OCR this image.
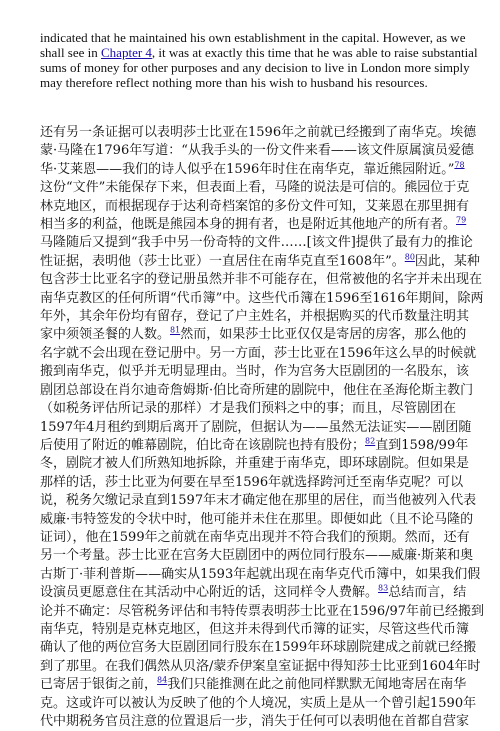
indicated that he maintained his own establishment in the capital. However, as we shall see in Chapter 4, it was at exactly this time that he was able to raise substantial sums of money for other purposes and any decision to live in London more simply may therefore reflect nothing more than his wish to husband his resources.

还有另一条证据可以表明莎士比亚在1596年之前就已经搬到了南华克。埃德
蒙·马隆在1796年写道：“从我手头的一份文件来看——该文件原属演员爱德
华·艾莱恩——我们的诗人似乎在1596年时住在南华克，靠近熊园附近。”$^{78}$
这份“文件”未能保存下来，但表面上看，马隆的说法是可信的。熊园位于克
林克地区，而根据现存于达利奇档案馆的多份文件可知，艾莱恩在那里拥有
相当多的利益，他既是熊园本身的拥有者，也是附近其他地产的所有者。$^{79}$
马隆随后又提到“我手中另一份奇特的文件……[该文件]提供了最有力的推论
性证据，表明他（莎士比亚）一直居住在南华克直至1608年”。$^{80}$因此，某种
包含莎士比亚名字的登记册虽然并非不可能存在，但常被他的名字并未出现在
南华克教区的任何所谓“代币簿”中。这些代币簿在1596至1616年期间，除两
年外，其余年份均有留存，登记了户主姓名，并根据购买的代币数量注明其
家中须领圣餐的人数。$^{81}$然而，如果莎士比亚仅仅是寄居的房客，那么他的
名字就不会出现在登记册中。另一方面，莎士比亚在1596年这么早的时候就
搬到南华克，似乎并无明显理由。当时，作为宫务大臣剧团的一名股东，该
剧团总部设在肖尔迪奇詹姆斯·伯比奇所建的剧院中，他住在圣海伦斯主教门
（如税务评估所记录的那样）才是我们预料之中的事；而且，尽管剧团在
1597年4月租约到期后离开了剧院，但据认为——虽然无法证实——剧团随
后使用了附近的帷幕剧院，伯比奇在该剧院也持有股份；$^{82}$直到1598/99年
冬，剧院才被人们所熟知地拆除，并重建于南华克，即环球剧院。但如果是
那样的话，莎士比亚为何要在早至1596年就选择跨河迁至南华克呢？可以
说，税务欠缴记录直到1597年末才确定他在那里的居住，而当他被列入代表
威廉·韦特签发的令状中时，他可能并未住在那里。即便如此（且不论马隆的
证词），他在1599年之前就在南华克出现并不符合我们的预期。然而，还有
另一个考量。莎士比亚在宫务大臣剧团中的两位同行股东——威廉·斯莱和奥
古斯丁·菲利普斯——确实从1593年起就出现在南华克代币簿中，如果我们假
设演员更愿意住在其活动中心附近的话，这同样令人费解。$^{83}$总结而言，结
论并不确定：尽管税务评估和韦特传票表明莎士比亚在1596/97年前已经搬到
南华克，特别是克林克地区，但这并未得到代币簿的证实，尽管这些代币簿
确认了他的两位宫务大臣剧团同行股东在1599年环球剧院建成之前就已经搬
到了那里。在我们偶然从贝洛/蒙乔伊案皇室证据中得知莎士比亚到1604年时
已寄居于银街之前，$^{84}$我们只能推测在此之前他同样默默无闻地寄居在南华
克。这或许可以被认为反映了他的个人境况，实质上是从一个曾引起1590年
代中期税务官员注意的位置退后一步，消失于任何可以表明他在首都自营家
